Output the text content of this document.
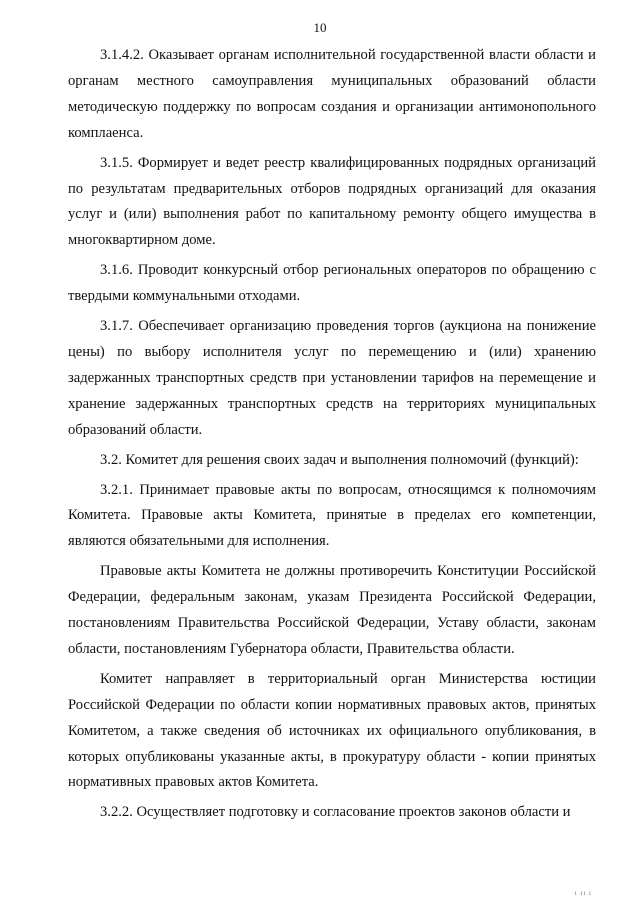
10

3.1.4.2. Оказывает органам исполнительной государственной власти области и органам местного самоуправления муниципальных образований области методическую поддержку по вопросам создания и организации антимонопольного комплаенса.

3.1.5. Формирует и ведет реестр квалифицированных подрядных организаций по результатам предварительных отборов подрядных организаций для оказания услуг и (или) выполнения работ по капитальному ремонту общего имущества в многоквартирном доме.

3.1.6. Проводит конкурсный отбор региональных операторов по обращению с твердыми коммунальными отходами.

3.1.7. Обеспечивает организацию проведения торгов (аукциона на понижение цены) по выбору исполнителя услуг по перемещению и (или) хранению задержанных транспортных средств при установлении тарифов на перемещение и хранение задержанных транспортных средств на территориях муниципальных образований области.

3.2. Комитет для решения своих задач и выполнения полномочий (функций):

3.2.1. Принимает правовые акты по вопросам, относящимся к полномочиям Комитета. Правовые акты Комитета, принятые в пределах его компетенции, являются обязательными для исполнения.

Правовые акты Комитета не должны противоречить Конституции Российской Федерации, федеральным законам, указам Президента Российской Федерации, постановлениям Правительства Российской Федерации, Уставу области, законам области, постановлениям Губернатора области, Правительства области.

Комитет направляет в территориальный орган Министерства юстиции Российской Федерации по области копии нормативных правовых актов, принятых Комитетом, а также сведения об источниках их официального опубликования, в которых опубликованы указанные акты, в прокуратуру области - копии принятых нормативных правовых актов Комитета.

3.2.2. Осуществляет подготовку и согласование проектов законов области и

ı ıı ı
